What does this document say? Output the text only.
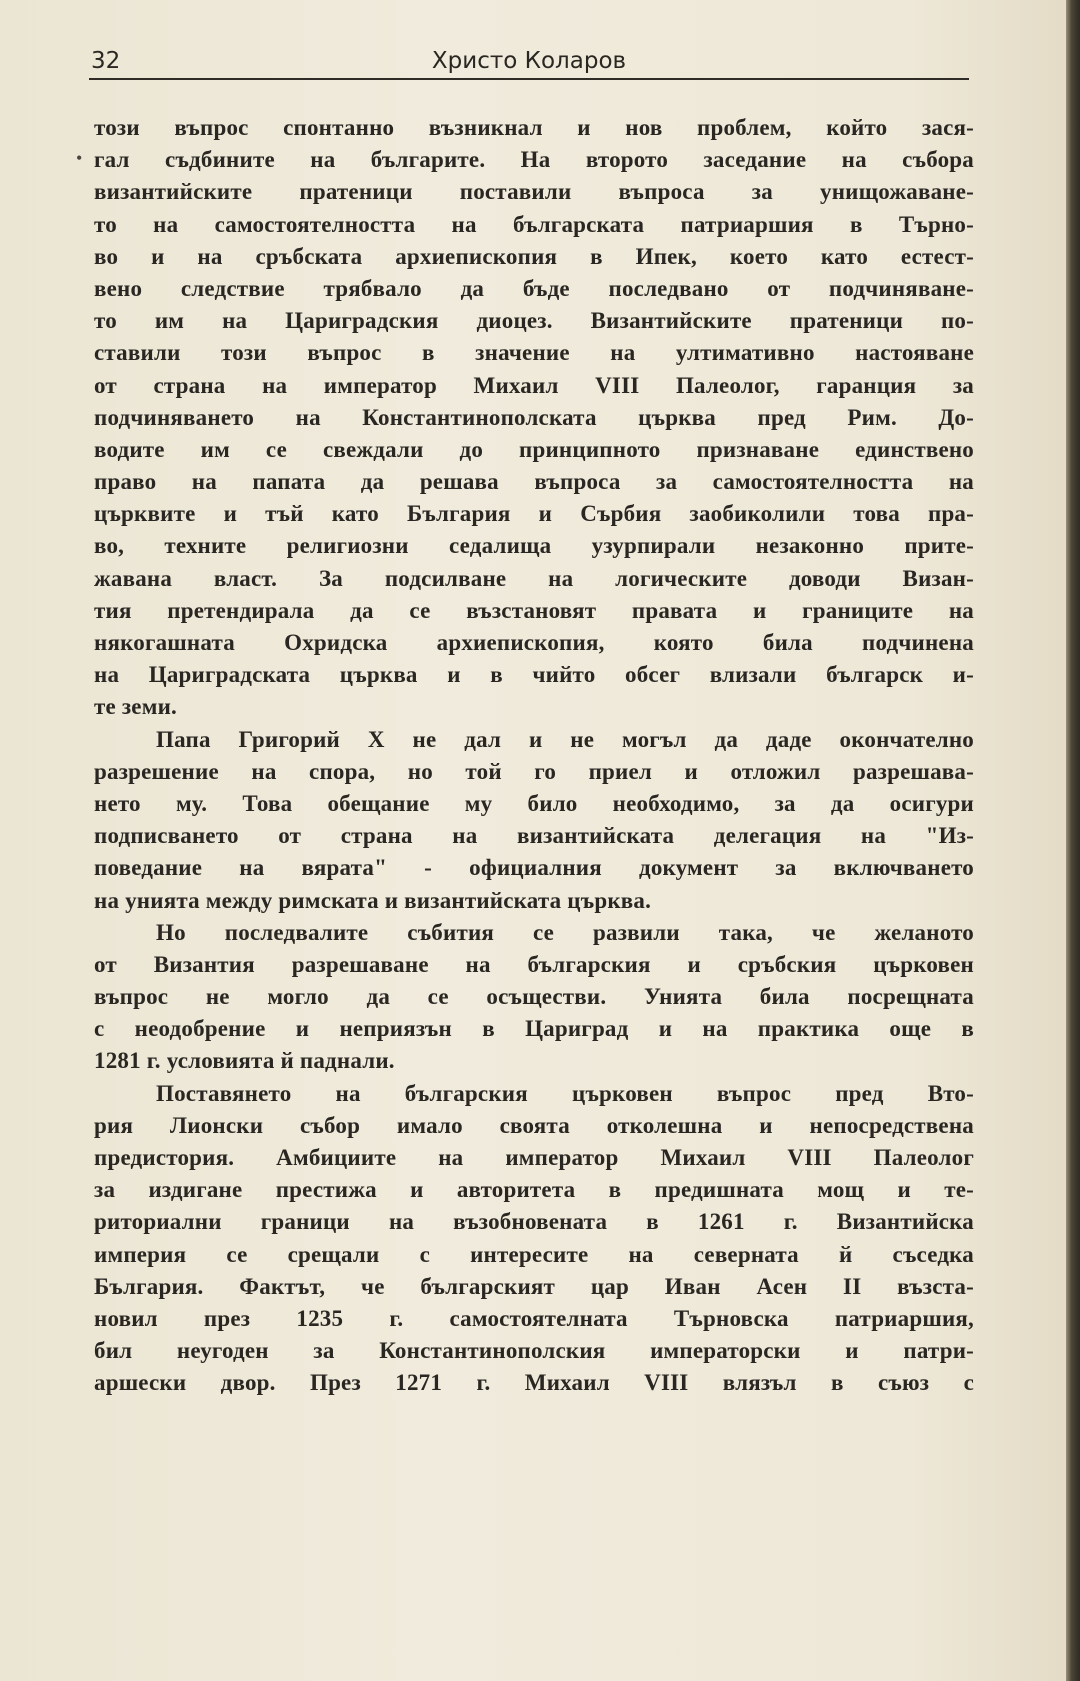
32	Христо Коларов
•
този въпрос спонтанно възникнал и нов проблем, който зася-
гал съдбините на българите. На второто заседание на събора
византийските пратеници поставили въпроса за унищожаване-
то на самостоятелността на българската патриаршия в Търно-
во и на сръбската архиепископия в Ипек, което като естест-
вено следствие трябвало да бъде последвано от подчиняване-
то им на Цариградския диоцез. Византийските пратеници по-
ставили този въпрос в значение на ултимативно настояване
от страна на император Михаил VIII Палеолог, гаранция за
подчиняването на Константинополската църква пред Рим. До-
водите им се свеждали до принципното признаване единствено
право на папата да решава въпроса за самостоятелността на
църквите и тъй като България и Сърбия заобиколили това пра-
во, техните религиозни седалища узурпирали незаконно прите-
жавана власт. За подсилване на логическите доводи Визан-
тия претендирала да се възстановят правата и границите на
някогашната Охридска архиепископия, която била подчинена
на Цариградската църква и в чийто обсег влизали българск и-
те земи.
Папа Григорий Х не дал и не могъл да даде окончателно
разрешение на спора, но той го приел и отложил разрешава-
нето му. Това обещание му било необходимо, за да осигури
подписването от страна на византийската делегация на "Из-
поведание на вярата" - официалния документ за включването
на унията между римската и византийската църква.
Но последвалите събития се развили така, че желаното
от Византия разрешаване на българския и сръбския църковен
въпрос не могло да се осъществи. Унията била посрещната
с неодобрение и неприязън в Цариград и на практика още в
1281 г. условията й паднали.
Поставянето на българския църковен въпрос пред Вто-
рия Лионски събор имало своята отколешна и непосредствена
предистория. Амбициите на император Михаил VIII Палеолог
за издигане престижа и авторитета в предишната мощ и те-
риториални граници на възобновената в 1261 г. Византийска
империя се срещали с интересите на северната й съседка
България. Фактът, че българският цар Иван Асен II възста-
новил през 1235 г. самостоятелната Търновска патриаршия,
бил неугоден за Константинополския императорски и патри-
аршески двор. През 1271 г. Михаил VIII влязъл в съюз с
